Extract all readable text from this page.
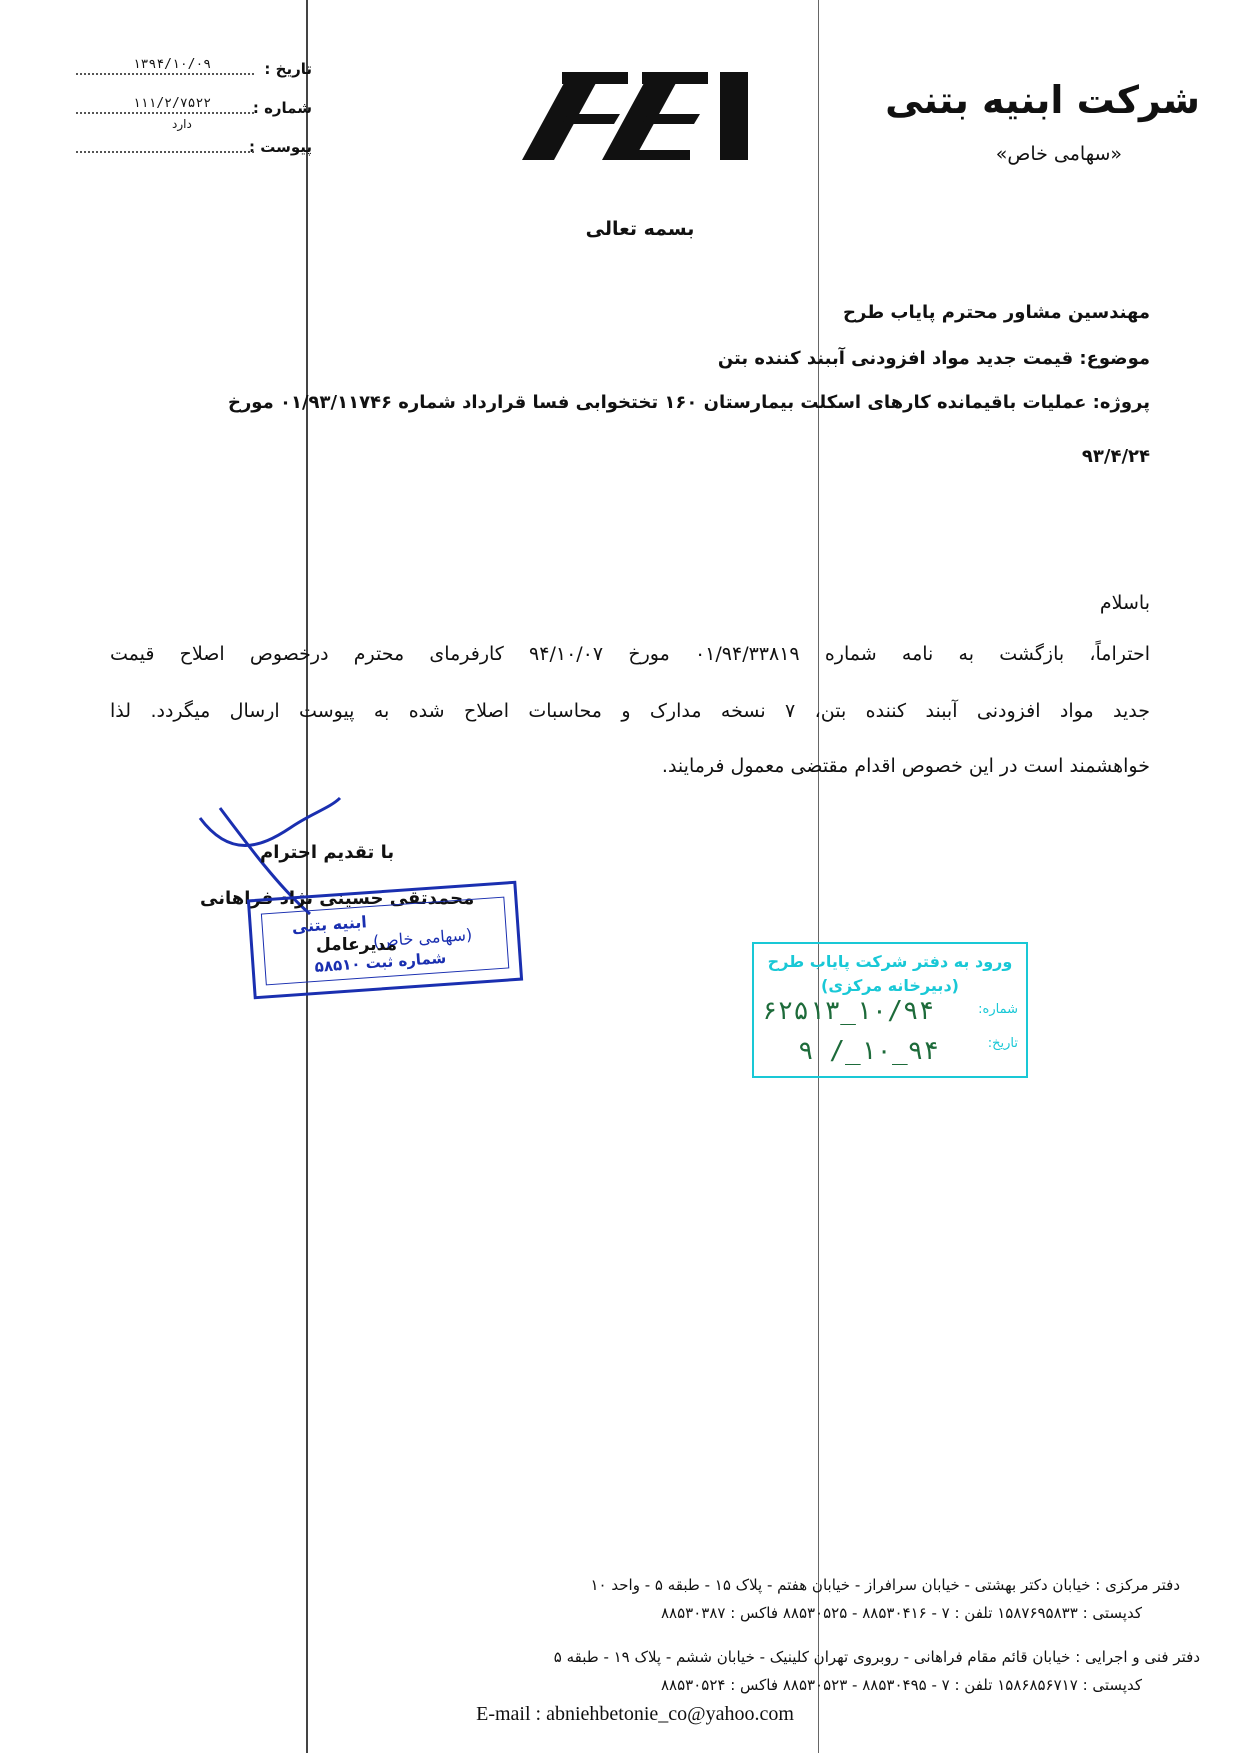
شرکت ابنیه بتنی
«سهامی خاص»
تاریخ :
۱۳۹۴/۱۰/۰۹
شماره :
۱۱۱/۲/۷۵۲۲
دارد
پیوست :
بسمه تعالی
مهندسین مشاور محترم پایاب طرح
موضوع: قیمت جدید مواد افزودنی آببند کننده بتن
پروژه: عملیات باقیمانده کارهای اسکلت بیمارستان ۱۶۰ تختخوابی فسا قرارداد شماره ۰۱/۹۳/۱۱۷۴۶ مورخ
۹۳/۴/۲۴
باسلام
احتراماً، بازگشت به نامه شماره ۰۱/۹۴/۳۳۸۱۹ مورخ ۹۴/۱۰/۰۷ کارفرمای محترم درخصوص اصلاح قیمت
جدید مواد افزودنی آببند کننده بتن، ۷ نسخه مدارک و محاسبات اصلاح شده به پیوست ارسال میگردد. لذا
خواهشمند است در این خصوص اقدام مقتضی معمول فرمایند.
با تقدیم احترام
محمدتقی حسینی نژاد فراهانی
ابنیه بتنی
(سهامی خاص)
شماره ثبت ۵۸۵۱۰
مدیرعامل
ورود به دفتر شرکت پایاب طرح
(دبیرخانه مرکزی)
شماره:
تاریخ:
۱۰/۹۴_۶۲۵۱۳
۹۴_۱۰_/ ۹
دفتر مرکزی : خیابان دکتر بهشتی - خیابان سرافراز - خیابان هفتم - پلاک ۱۵ - طبقه ۵ - واحد ۱۰
کدپستی : ۱۵۸۷۶۹۵۸۳۳ تلفن : ۷ - ۸۸۵۳۰۴۱۶ - ۸۸۵۳۰۵۲۵ فاکس : ۸۸۵۳۰۳۸۷
دفتر فنی و اجرایی : خیابان قائم مقام فراهانی - روبروی تهران کلینیک - خیابان ششم - پلاک ۱۹ - طبقه ۵
کدپستی : ۱۵۸۶۸۵۶۷۱۷ تلفن : ۷ - ۸۸۵۳۰۴۹۵ - ۸۸۵۳۰۵۲۳ فاکس : ۸۸۵۳۰۵۲۴
E-mail : abniehbetonie_co@yahoo.com
